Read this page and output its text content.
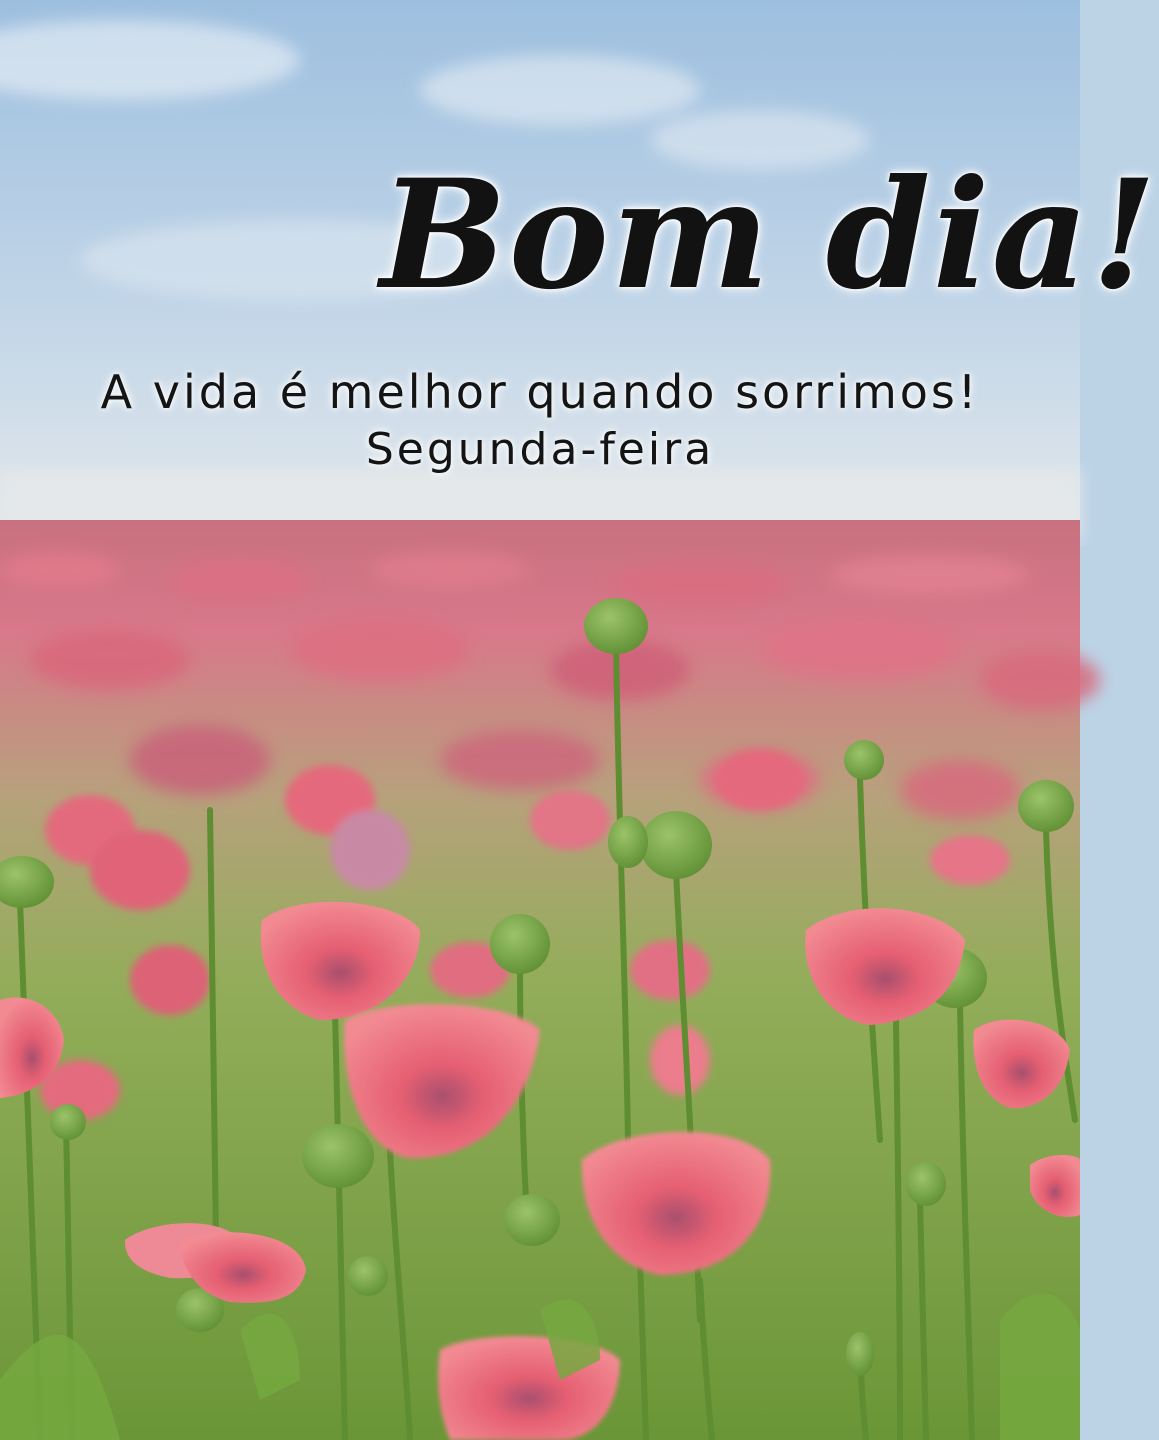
Bom dia!
A vida é melhor quando sorrimos!
Segunda-feira
